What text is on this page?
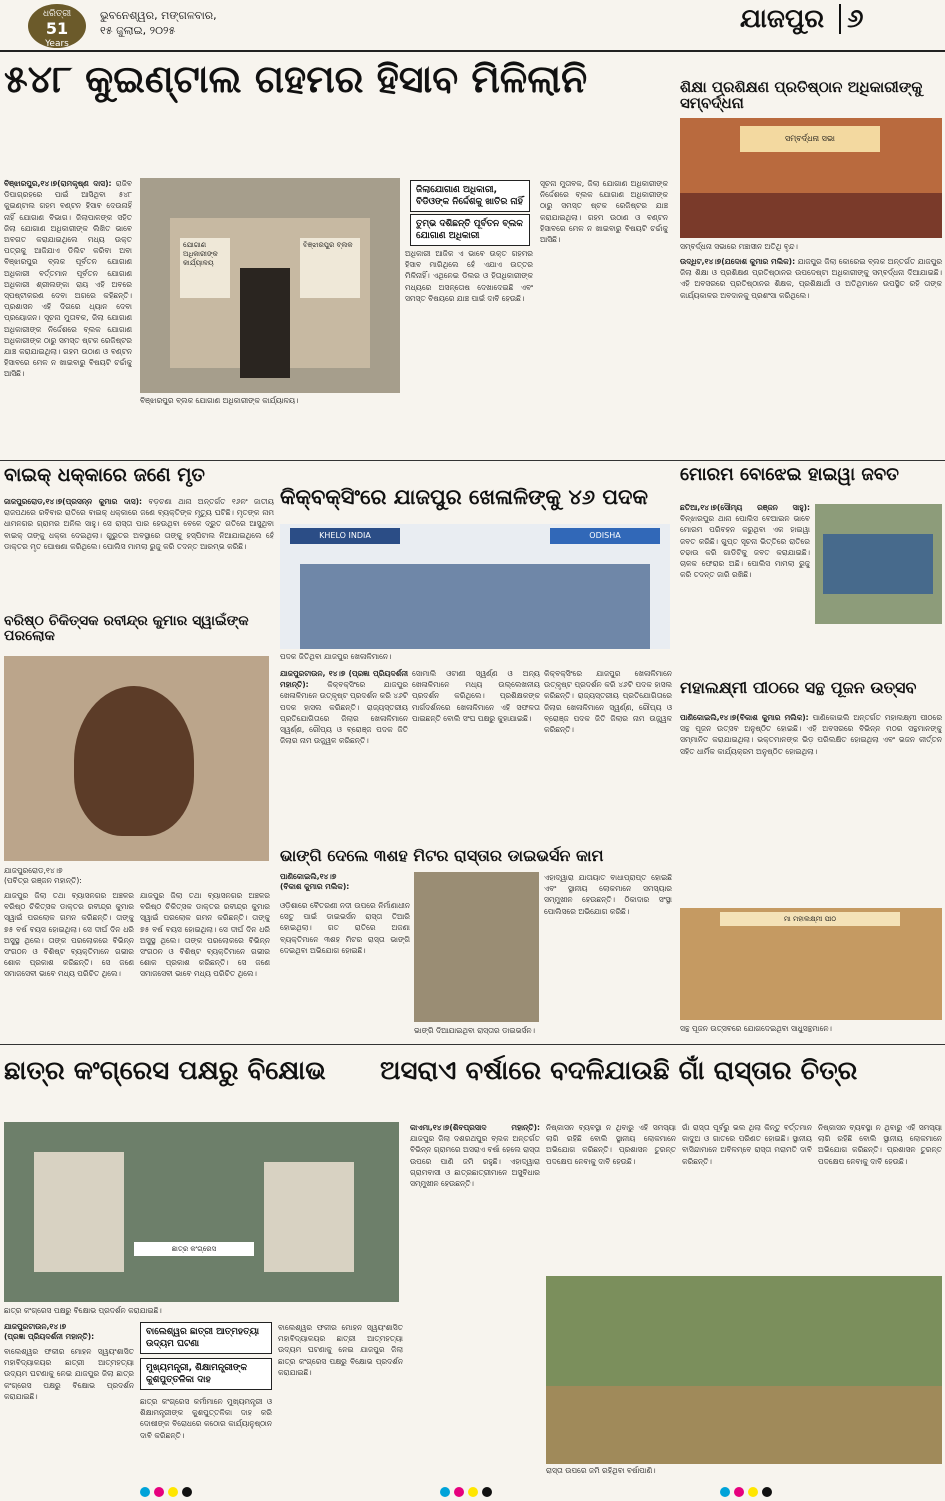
ଧରିତ୍ରୀ
51
Years
ଭୁବନେଶ୍ୱର, ମଙ୍ଗଳବାର,
୧୫ ଜୁଲାଇ, ୨୦୨୫	ଯାଜପୁର ୬
୫୪୮ କୁଇଣ୍ଟାଲ ଗହମର ହିସାବ ମିଳିଲାନି
ବିଞ୍ଝାରପୁର,୧୪।୭(ରାମକୃଷ୍ଣ ଦାସ): ରାଜିବ ଡିପାଗ୍ରହରେ ପାଇଁ ଆସିଥିବା ୫୪୮ କୁଇଣ୍ଟାଲ ଗହମ ବଣ୍ଟନ ହିସାବ ଦେଉନାହିଁ ନାହିଁ ଯୋଗାଣ ବିଭାଗ। ଜିଲାପାଳଙ୍କ ସହିତ ଜିଲା ଯୋଗାଣ ଅଧିକାରୀଙ୍କ ଲିଖିତ ଭାବେ ଅବଗତ କରାଯାଇଥିଲେ ମଧ୍ୟ ଉକ୍ତ ପତ୍ରକୁ ଆଜିଯାଏ ଡିଲିଟ କରିବା ଅବା ବିଞ୍ଝାରପୁର ବ୍ଲକ ପୂର୍ବତନ ଯୋଗାଣ ଅଧିକାରୀ ବର୍ତ୍ତମାନ ପୂର୍ବତନ ଯୋଗାଣ ଅଧିକାରୀ ଶ୍ରୀଲଙ୍କା ରାୟ ଏହି ଅବରେ ସ୍ପଷ୍ଟୀକରଣ ଦେବା ଅଗରେ କହିଛନ୍ତି। ପ୍ରଶାସନ ଏହି ଦିଗରେ ଧ୍ୟାନ ଦେବା ପ୍ରୟୋଜନ। ସୂଚନା ମୁତାବକ, ଜିଲା ଯୋଗାଣ ଅଧିକାରୀଙ୍କ ନିର୍ଦ୍ଦେଶରେ ବ୍ଲକ ଯୋଗାଣ ଅଧିକାରୀଙ୍କ ଠାରୁ ସମସ୍ତ ଷ୍ଟକ ରେଜିଷ୍ଟର ଯାଞ୍ଚ କରାଯାଇଥିଲା। ଗହମ ଉଠାଣ ଓ ବଣ୍ଟନ ହିସାବରେ ମେଳ ନ ଖାଇବାରୁ ବିଷୟଟି ଚର୍ଚ୍ଚାକୁ ଆସିଛି।
ଯୋଗାଣ ଅଧିକାରୀଙ୍କ କାର୍ଯ୍ୟାଳୟ
ବିଞ୍ଝାରପୁର ବ୍ଲକ
ବିଞ୍ଝାରପୁର ବ୍ଲକ ଯୋଗାଣ ଅଧିକାରୀଙ୍କ କାର୍ଯ୍ୟାଳୟ।
ଜିଲାଯୋଗାଣ ଅଧିକାରୀ, ବିଡିଓଙ୍କ ନିର୍ଦ୍ଦେଶକୁ ଖାତିର ନାହିଁ
ତୁମ୍ଭ ଦଶିଛନ୍ତି ପୂର୍ବତନ ବ୍ଲକ ଯୋଗାଣ ଅଧିକାରୀ
ଅଧିକାରୀ ଆଜିକ ଏ ଭାବେ ଉକ୍ତ ଗହମର ହିସାବ ମାଗିଥିଲେ ହେଁ ଏଯାଏ ଉତ୍ତର ମିଳିନାହିଁ। ଏଥିନେଇ ଡିଲର ଓ ହିତାଧିକାରୀଙ୍କ ମଧ୍ୟରେ ଅସନ୍ତୋଷ ଦେଖାଦେଇଛି ଏବଂ ସମସ୍ତ ବିଷୟରେ ଯାଞ୍ଚ ପାଇଁ ଦାବି ହେଉଛି।
ସୂଚନା ମୁତାବକ, ଜିଲା ଯୋଗାଣ ଅଧିକାରୀଙ୍କ ନିର୍ଦ୍ଦେଶରେ ବ୍ଲକ ଯୋଗାଣ ଅଧିକାରୀଙ୍କ ଠାରୁ ସମସ୍ତ ଷ୍ଟକ ରେଜିଷ୍ଟର ଯାଞ୍ଚ କରାଯାଇଥିଲା। ଗହମ ଉଠାଣ ଓ ବଣ୍ଟନ ହିସାବରେ ମେଳ ନ ଖାଇବାରୁ ବିଷୟଟି ଚର୍ଚ୍ଚାକୁ ଆସିଛି।
ଶିକ୍ଷା ପ୍ରଶିକ୍ଷଣ ପ୍ରତିଷ୍ଠାନ ଅଧିକାରୀଙ୍କୁ ସମ୍ବର୍ଦ୍ଧନା
ସମ୍ବର୍ଦ୍ଧନା ସଭା
ସମ୍ବର୍ଦ୍ଧନା ସଭାରେ ମଞ୍ଚାସୀନ ଅତିଥି ବୃନ୍ଦ।
ଉଦ୍ଧିଟ,୧୪।୭(ଯଦୋଶ କୁମାର ମଲିକ): ଯାଜପୁର ଜିଲା କୋରେଇ ବ୍ଲକ ଅନ୍ତର୍ଗତ ଯାଜପୁର ଜିଲା ଶିକ୍ଷା ଓ ପ୍ରଶିକ୍ଷଣ ପ୍ରତିଷ୍ଠାନର ଉପଦେଷ୍ଟା ଅଧିକାରୀଙ୍କୁ ସମ୍ବର୍ଦ୍ଧନା ଦିଆଯାଇଛି। ଏହି ଅବସରରେ ପ୍ରତିଷ୍ଠାନର ଶିକ୍ଷକ, ପ୍ରଶିକ୍ଷାର୍ଥୀ ଓ ଅତିଥିମାନେ ଉପସ୍ଥିତ ରହି ତାଙ୍କ କାର୍ଯ୍ୟକାଳର ଅବଦାନକୁ ପ୍ରଶଂସା କରିଥିଲେ।
ବାଇକ୍ ଧକ୍କାରେ ଜଣେ ମୃତ
ଜାଜପୁରରୋଡ,୧୪।୭(ପ୍ରସନ୍ନ କୁମାର ଦାସ): ବଡ଼ଚଣା ଥାନା ଅନ୍ତର୍ଗତ ୧୬ନଂ ଜାତୀୟ ରାଜପଥରେ ରବିବାର ରାତିରେ ବାଇକ୍ ଧକ୍କାରେ ଜଣେ ବ୍ୟକ୍ତିଙ୍କ ମୃତ୍ୟୁ ଘଟିଛି। ମୃତଙ୍କ ନାମ ଧାମନଗର ଗ୍ରାମର ଅନିଲ ସାହୁ। ସେ ରାସ୍ତା ପାର ହେଉଥିବା ବେଳେ ଦ୍ରୁତ ଗତିରେ ଆସୁଥିବା ବାଇକ୍ ତାଙ୍କୁ ଧକ୍କା ଦେଇଥିଲା। ଗୁରୁତର ଅବସ୍ଥାରେ ତାଙ୍କୁ ହସ୍ପିଟାଲ ନିଆଯାଇଥିଲେ ହେଁ ଡାକ୍ତର ମୃତ ଘୋଷଣା କରିଥିଲେ। ପୋଲିସ ମାମଲା ରୁଜୁ କରି ତଦନ୍ତ ଆରମ୍ଭ କରିଛି।
କିକ୍‌ବକ୍ସିଂରେ ଯାଜପୁର ଖେଳାଳିଙ୍କୁ ୪୬ ପଦକ
KHELO INDIA	ODISHA
ପଦକ ଜିତିଥିବା ଯାଜପୁର ଖେଳାଳିମାନେ।
ଯାଜପୁରଟାଉନ, ୧୪।୭ (ପ୍ରଜ୍ଞା ପ୍ରିୟଦର୍ଶନୀ ମହାନ୍ତି): କିକ୍‌ବକ୍ସିଂରେ ଯାଜପୁର ଖେଳାଳିମାନେ ଉତ୍କୃଷ୍ଟ ପ୍ରଦର୍ଶନ କରି ୪୬ଟି ପଦକ ହାସଲ କରିଛନ୍ତି। ରାଜ୍ୟସ୍ତରୀୟ ପ୍ରତିଯୋଗିତାରେ ଜିଲାର ଖେଳାଳିମାନେ ସ୍ୱର୍ଣ୍ଣ, ରୌପ୍ୟ ଓ ବ୍ରୋଞ୍ଜ ପଦକ ଜିତି ଜିଲାର ନାମ ଉଜ୍ଜ୍ୱଳ କରିଛନ୍ତି।
ସୋମାଲି ଓଟାଣୀ ସ୍ୱର୍ଣ୍ଣ ଓ ଅନ୍ୟ ଖେଳାଳିମାନେ ମଧ୍ୟ ଉଲ୍ଲେଖନୀୟ ପ୍ରଦର୍ଶନ କରିଥିଲେ। ପ୍ରଶିକ୍ଷକଙ୍କ ମାର୍ଗଦର୍ଶନରେ ଖେଳାଳିମାନେ ଏହି ସଫଳତା ପାଇଛନ୍ତି ବୋଲି ସଂଘ ପକ୍ଷରୁ କୁହାଯାଇଛି।
କିକ୍‌ବକ୍ସିଂରେ ଯାଜପୁର ଖେଳାଳିମାନେ ଉତ୍କୃଷ୍ଟ ପ୍ରଦର୍ଶନ କରି ୪୬ଟି ପଦକ ହାସଲ କରିଛନ୍ତି। ରାଜ୍ୟସ୍ତରୀୟ ପ୍ରତିଯୋଗିତାରେ ଜିଲାର ଖେଳାଳିମାନେ ସ୍ୱର୍ଣ୍ଣ, ରୌପ୍ୟ ଓ ବ୍ରୋଞ୍ଜ ପଦକ ଜିତି ଜିଲାର ନାମ ଉଜ୍ଜ୍ୱଳ କରିଛନ୍ତି।
ମୋରମ ବୋଝେଇ ହାଇୱା ଜବତ
ଛତିଆ,୧୪।୭(ସୌମ୍ୟ ରଞ୍ଜନ ସାହୁ): ବିନ୍ଝାରପୁର ଥାନା ପୋଲିସ ବେଆଇନ ଭାବେ ମୋରମ ପରିବହନ କରୁଥିବା ଏକ ହାଇୱା ଜବତ କରିଛି। ଗୁପ୍ତ ସୂଚନା ଭିତ୍ତିରେ ରାତିରେ ଚଢାଉ କରି ଗାଡିଟିକୁ ଜବତ କରାଯାଇଛି। ଚାଳକ ଫେରାର ଅଛି। ପୋଲିସ ମାମଲା ରୁଜୁ କରି ତଦନ୍ତ ଜାରି ରଖିଛି।
ବରିଷ୍ଠ ଚିକିତ୍ସକ ରବୀନ୍ଦ୍ର କୁମାର ସ୍ୱାଇଁଙ୍କ ପରଲୋକ
ଯାଜପୁରରୋଡ,୧୪।୭
(ପବିତ୍ର ରଞ୍ଜନ ମହାନ୍ତି):
ଯାଜପୁର ଜିଲା ତଥା ବ୍ୟାସନଗର ଅଞ୍ଚଳର ବରିଷ୍ଠ ଚିକିତ୍ସକ ଡାକ୍ତର ରବୀନ୍ଦ୍ର କୁମାର ସ୍ୱାଇଁ ପରଲୋକ ଗମନ କରିଛନ୍ତି। ତାଙ୍କୁ ୭୫ ବର୍ଷ ବୟସ ହୋଇଥିଲା। ସେ ଦୀର୍ଘ ଦିନ ଧରି ଅସୁସ୍ଥ ଥିଲେ। ତାଙ୍କ ପରଲୋକରେ ବିଭିନ୍ନ ସଂଗଠନ ଓ ବିଶିଷ୍ଟ ବ୍ୟକ୍ତିମାନେ ଗଭୀର ଶୋକ ପ୍ରକାଶ କରିଛନ୍ତି। ସେ ଜଣେ ସମାଜସେବୀ ଭାବେ ମଧ୍ୟ ପରିଚିତ ଥିଲେ।
ଯାଜପୁର ଜିଲା ତଥା ବ୍ୟାସନଗର ଅଞ୍ଚଳର ବରିଷ୍ଠ ଚିକିତ୍ସକ ଡାକ୍ତର ରବୀନ୍ଦ୍ର କୁମାର ସ୍ୱାଇଁ ପରଲୋକ ଗମନ କରିଛନ୍ତି। ତାଙ୍କୁ ୭୫ ବର୍ଷ ବୟସ ହୋଇଥିଲା। ସେ ଦୀର୍ଘ ଦିନ ଧରି ଅସୁସ୍ଥ ଥିଲେ। ତାଙ୍କ ପରଲୋକରେ ବିଭିନ୍ନ ସଂଗଠନ ଓ ବିଶିଷ୍ଟ ବ୍ୟକ୍ତିମାନେ ଗଭୀର ଶୋକ ପ୍ରକାଶ କରିଛନ୍ତି। ସେ ଜଣେ ସମାଜସେବୀ ଭାବେ ମଧ୍ୟ ପରିଚିତ ଥିଲେ।
ଭାଙ୍ଗି ଦେଲେ ୩ଶହ ମିଟର ରାସ୍ତାର ଡାଇଭର୍ସନ କାମ
ପାଣିକୋଇଲି,୧୪।୭
(ବିକାଶ କୁମାର ମଲିକ):
ଓଡ଼ିଶାରେ ବୈତରଣୀ ନଦୀ ଉପରେ ନିର୍ମାଣାଧୀନ ସେତୁ ପାଇଁ ଡାଇଭର୍ସନ ରାସ୍ତା ତିଆରି ହୋଇଥିଲା। ଗତ ରାତିରେ ଅଜଣା ବ୍ୟକ୍ତିମାନେ ୩ଶହ ମିଟର ରାସ୍ତା ଭାଙ୍ଗି ଦେଇଥିବା ଅଭିଯୋଗ ହୋଇଛି।
ଏହାଦ୍ୱାରା ଯାତାୟାତ ବାଧାପ୍ରାପ୍ତ ହୋଇଛି ଏବଂ ସ୍ଥାନୀୟ ଲୋକମାନେ ସମସ୍ୟାର ସମ୍ମୁଖୀନ ହେଉଛନ୍ତି। ଠିକାଦାର ସଂସ୍ଥା ପୋଲିସରେ ଅଭିଯୋଗ କରିଛି।
ଭାଙ୍ଗି ଦିଆଯାଇଥିବା ରାସ୍ତାର ଡାଇଭର୍ସନ।
ମହାଲକ୍ଷ୍ମୀ ପୀଠରେ ସନ୍ଥ ପୂଜନ ଉତ୍ସବ
ପାଣିକୋଇଲି,୧୪।୭(ବିକାଶ କୁମାର ମଲିକ): ପାଣିକୋଇଲି ଅନ୍ତର୍ଗତ ମହାଲକ୍ଷ୍ମୀ ପୀଠରେ ସନ୍ଥ ପୂଜନ ଉତ୍ସବ ଅନୁଷ୍ଠିତ ହୋଇଛି। ଏହି ଅବସରରେ ବିଭିନ୍ନ ମଠର ସନ୍ଥମାନଙ୍କୁ ସମ୍ମାନିତ କରାଯାଇଥିଲା। ଭକ୍ତମାନଙ୍କ ଭିଡ଼ ପରିଲକ୍ଷିତ ହୋଇଥିଲା ଏବଂ ଭଜନ କୀର୍ତ୍ତନ ସହିତ ଧାର୍ମିକ କାର୍ଯ୍ୟକ୍ରମ ଅନୁଷ୍ଠିତ ହୋଇଥିଲା।
ମା ମହାଲକ୍ଷ୍ମୀ ପୀଠ
ସନ୍ଥ ପୂଜନ ଉତ୍ସବରେ ଯୋଗଦେଇଥିବା ସାଧୁସନ୍ଥମାନେ।
ଛାତ୍ର କଂଗ୍ରେସ ପକ୍ଷରୁ ବିକ୍ଷୋଭ	ଅସରାଏ ବର୍ଷାରେ ବଦଳିଯାଉଛି ଗାଁ ରାସ୍ତାର ଚିତ୍ର
ଛାତ୍ର କଂଗ୍ରେସ
ଛାତ୍ର କଂଗ୍ରେସ ପକ୍ଷରୁ ବିକ୍ଷୋଭ ପ୍ରଦର୍ଶନ କରାଯାଇଛି।
ଯାଜପୁରଟାଉନ,୧୪।୭
(ପ୍ରଜ୍ଞା ପ୍ରିୟଦର୍ଶନୀ ମହାନ୍ତି):	ବାଲେଶ୍ୱର ଛାତ୍ରୀ ଆତ୍ମହତ୍ୟା ଉଦ୍ୟମ ଘଟଣା
ମୁଖ୍ୟମନ୍ତ୍ରୀ, ଶିକ୍ଷାମନ୍ତ୍ରୀଙ୍କ କୁଶପୁତ୍ତଳିକା ଦାହ
ବାଲେଶ୍ୱର ଫକୀର ମୋହନ ସ୍ୱୟଂଶାସିତ ମହାବିଦ୍ୟାଳୟର ଛାତ୍ରୀ ଆତ୍ମହତ୍ୟା ଉଦ୍ୟମ ଘଟଣାକୁ ନେଇ ଯାଜପୁର ଜିଲା ଛାତ୍ର କଂଗ୍ରେସ ପକ୍ଷରୁ ବିକ୍ଷୋଭ ପ୍ରଦର୍ଶନ କରାଯାଇଛି।
ଛାତ୍ର କଂଗ୍ରେସ କର୍ମୀମାନେ ମୁଖ୍ୟମନ୍ତ୍ରୀ ଓ ଶିକ୍ଷାମନ୍ତ୍ରୀଙ୍କ କୁଶପୁତ୍ତଳିକା ଦାହ କରି ଦୋଷୀଙ୍କ ବିରୋଧରେ କଠୋର କାର୍ଯ୍ୟାନୁଷ୍ଠାନ ଦାବି କରିଛନ୍ତି।
ବାଲେଶ୍ୱର ଫକୀର ମୋହନ ସ୍ୱୟଂଶାସିତ ମହାବିଦ୍ୟାଳୟର ଛାତ୍ରୀ ଆତ୍ମହତ୍ୟା ଉଦ୍ୟମ ଘଟଣାକୁ ନେଇ ଯାଜପୁର ଜିଲା ଛାତ୍ର କଂଗ୍ରେସ ପକ୍ଷରୁ ବିକ୍ଷୋଭ ପ୍ରଦର୍ଶନ କରାଯାଇଛି।
କାଏମା,୧୪।୭(ଶିବପ୍ରସାଦ ମହାନ୍ତି): ଯାଜପୁର ଜିଲା ଦଶରଥପୁର ବ୍ଲକ ଅନ୍ତର୍ଗତ ବିଭିନ୍ନ ଗ୍ରାମରେ ଅସରାଏ ବର୍ଷା ହେଲେ ରାସ୍ତା ଉପରେ ପାଣି ଜମି ରହୁଛି। ଏହାଦ୍ୱାରା ଗ୍ରାମବାସୀ ଓ ଛାତ୍ରଛାତ୍ରୀମାନେ ଅସୁବିଧାର ସମ୍ମୁଖୀନ ହେଉଛନ୍ତି।
ନିଷ୍କାସନ ବ୍ୟବସ୍ଥା ନ ଥିବାରୁ ଏହି ସମସ୍ୟା ଲାଗି ରହିଛି ବୋଲି ସ୍ଥାନୀୟ ଲୋକମାନେ ଅଭିଯୋଗ କରିଛନ୍ତି। ପ୍ରଶାସନ ତୁରନ୍ତ ପଦକ୍ଷେପ ନେବାକୁ ଦାବି ହେଉଛି।
ଗାଁ ରାସ୍ତା ପୂର୍ବରୁ ଭଲ ଥିଲା କିନ୍ତୁ ବର୍ତ୍ତମାନ କାଦୁଅ ଓ ଗାତରେ ପରିଣତ ହୋଇଛି। ସ୍ଥାନୀୟ ବାସିନ୍ଦାମାନେ ଅବିଳମ୍ବେ ରାସ୍ତା ମରାମତି ଦାବି କରିଛନ୍ତି।
ନିଷ୍କାସନ ବ୍ୟବସ୍ଥା ନ ଥିବାରୁ ଏହି ସମସ୍ୟା ଲାଗି ରହିଛି ବୋଲି ସ୍ଥାନୀୟ ଲୋକମାନେ ଅଭିଯୋଗ କରିଛନ୍ତି। ପ୍ରଶାସନ ତୁରନ୍ତ ପଦକ୍ଷେପ ନେବାକୁ ଦାବି ହେଉଛି।
ରାସ୍ତା ଉପରେ ଜମି ରହିଥିବା ବର୍ଷାପାଣି।
